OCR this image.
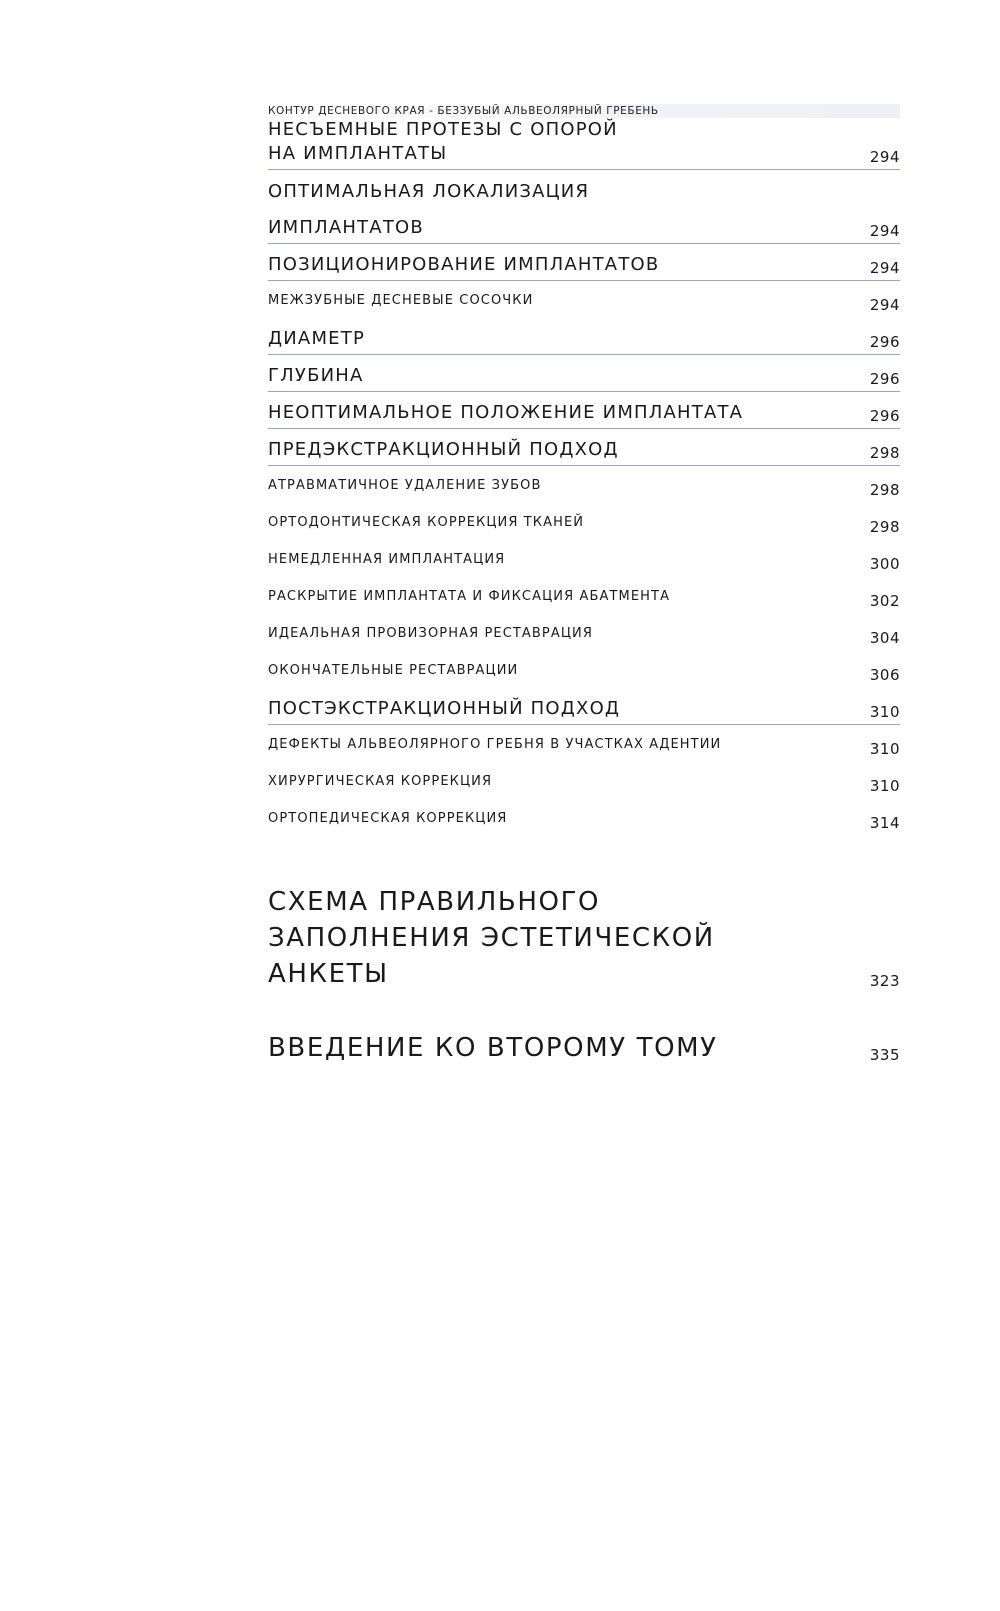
КОНТУР ДЕСНЕВОГО КРАЯ - БЕЗЗУБЫЙ АЛЬВЕОЛЯРНЫЙ ГРЕБЕНЬ
НЕСЪЕМНЫЕ ПРОТЕЗЫ С ОПОРОЙ
НА ИМПЛАНТАТЫ	294
ОПТИМАЛЬНАЯ ЛОКАЛИЗАЦИЯ
ИМПЛАНТАТОВ	294
ПОЗИЦИОНИРОВАНИЕ ИМПЛАНТАТОВ	294
МЕЖЗУБНЫЕ ДЕСНЕВЫЕ СОСОЧКИ	294
ДИАМЕТР	296
ГЛУБИНА	296
НЕОПТИМАЛЬНОЕ ПОЛОЖЕНИЕ ИМПЛАНТАТА	296
ПРЕДЭКСТРАКЦИОННЫЙ ПОДХОД	298
АТРАВМАТИЧНОЕ УДАЛЕНИЕ ЗУБОВ	298
ОРТОДОНТИЧЕСКАЯ КОРРЕКЦИЯ ТКАНЕЙ	298
НЕМЕДЛЕННАЯ ИМПЛАНТАЦИЯ	300
РАСКРЫТИЕ ИМПЛАНТАТА И ФИКСАЦИЯ АБАТМЕНТА	302
ИДЕАЛЬНАЯ ПРОВИЗОРНАЯ РЕСТАВРАЦИЯ	304
ОКОНЧАТЕЛЬНЫЕ РЕСТАВРАЦИИ	306
ПОСТЭКСТРАКЦИОННЫЙ ПОДХОД	310
ДЕФЕКТЫ АЛЬВЕОЛЯРНОГО ГРЕБНЯ В УЧАСТКАХ АДЕНТИИ	310
ХИРУРГИЧЕСКАЯ КОРРЕКЦИЯ	310
ОРТОПЕДИЧЕСКАЯ КОРРЕКЦИЯ	314
СХЕМА ПРАВИЛЬНОГО
ЗАПОЛНЕНИЯ ЭСТЕТИЧЕСКОЙ
АНКЕТЫ	323
ВВЕДЕНИЕ КО ВТОРОМУ ТОМУ	335
